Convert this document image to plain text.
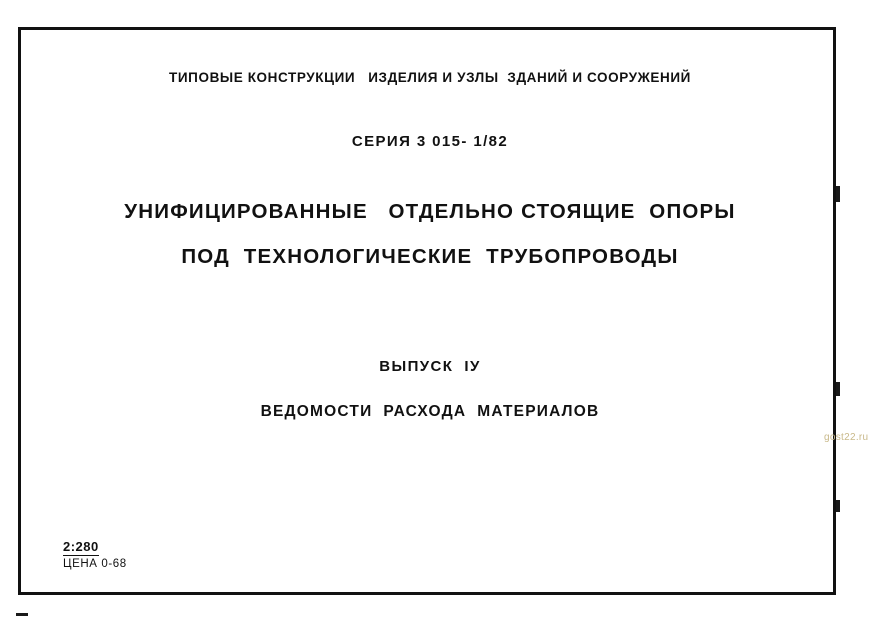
ТИПОВЫЕ КОНСТРУКЦИИ   ИЗДЕЛИЯ И УЗЛЫ  ЗДАНИЙ И СООРУЖЕНИЙ
СЕРИЯ 3 015- 1/82
УНИФИЦИРОВАННЫЕ   ОТДЕЛЬНО СТОЯЩИЕ  ОПОРЫ
ПОД  ТЕХНОЛОГИЧЕСКИЕ  ТРУБОПРОВОДЫ
ВЫПУСК  IУ
ВЕДОМОСТИ  РАСХОДА  МАТЕРИАЛОВ
2:280
ЦЕНА 0-68
gost22.ru
